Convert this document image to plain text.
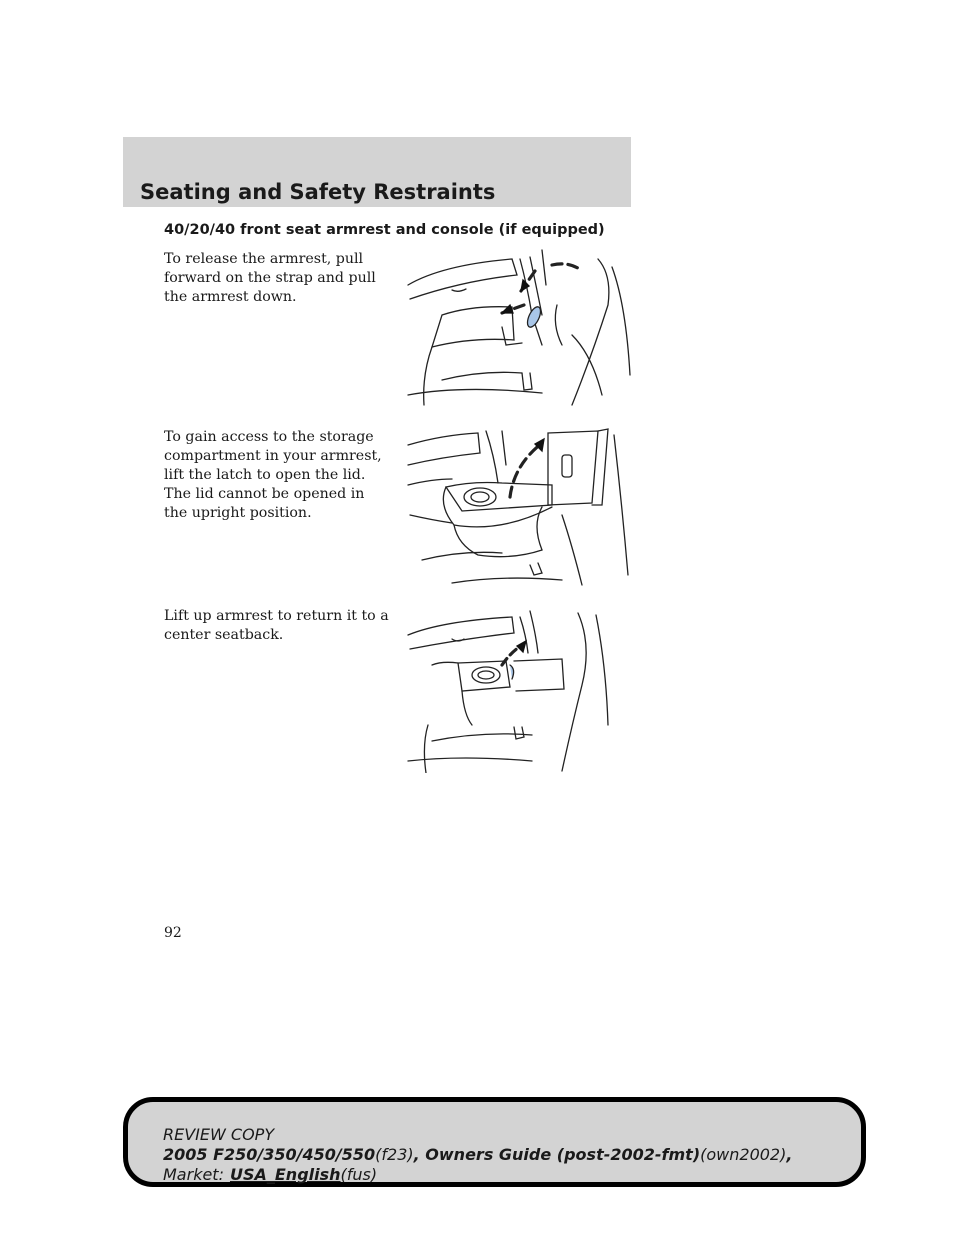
Seating and Safety Restraints
40/20/40 front seat armrest and console (if equipped)
To release the armrest, pull forward on the strap and pull the armrest down.
To gain access to the storage compartment in your armrest, lift the latch to open the lid. The lid cannot be opened in the upright position.
Lift up armrest to return it to a center seatback.
92
REVIEW COPY
2005 F250/350/450/550(f23), Owners Guide (post-2002-fmt)(own2002),
Market: USA_English(fus)
